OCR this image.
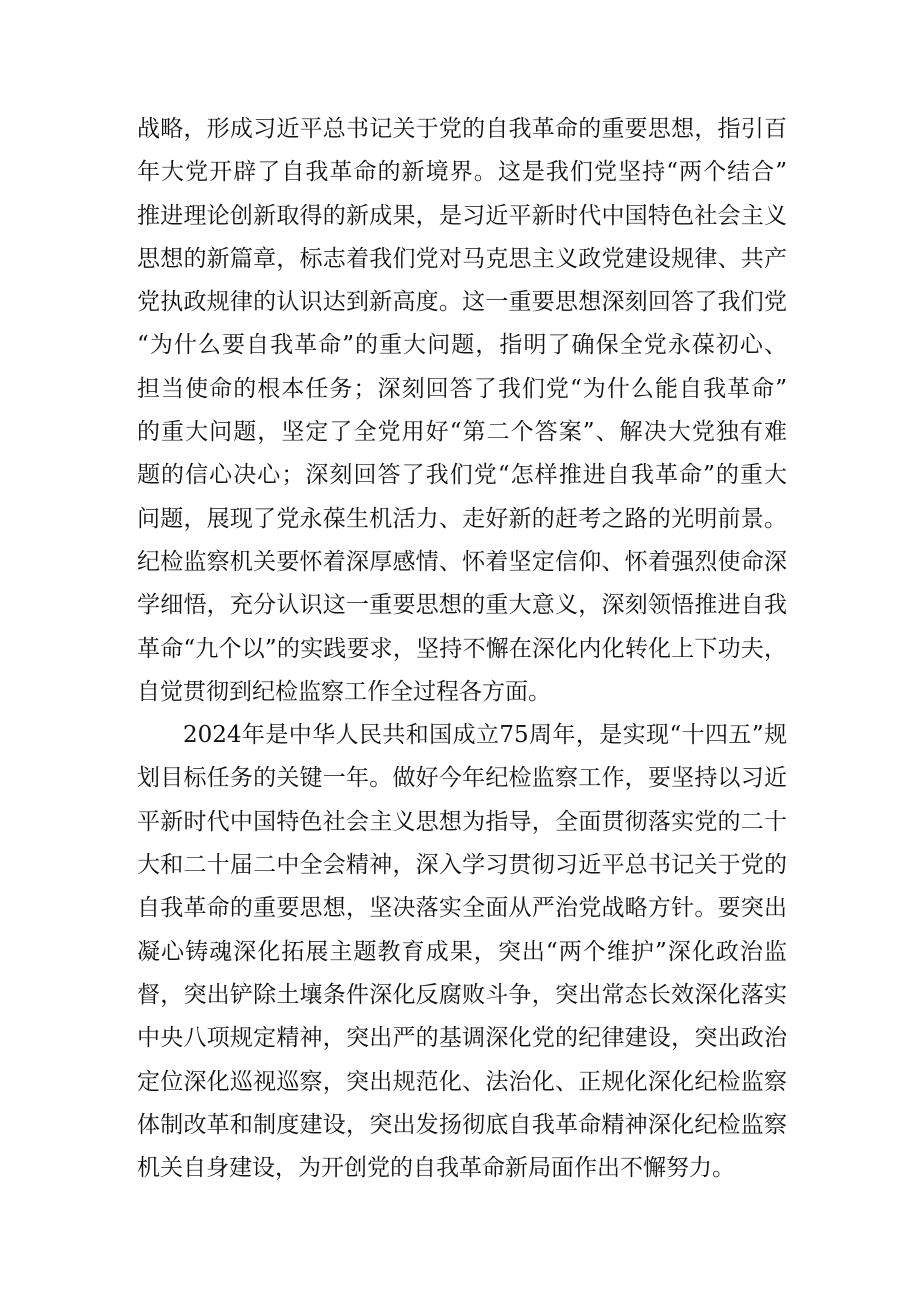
战略，形成习近平总书记关于党的自我革命的重要思想，指引百
年大党开辟了自我革命的新境界。这是我们党坚持“两个结合”
推进理论创新取得的新成果，是习近平新时代中国特色社会主义
思想的新篇章，标志着我们党对马克思主义政党建设规律、共产
党执政规律的认识达到新高度。这一重要思想深刻回答了我们党
“为什么要自我革命”的重大问题，指明了确保全党永葆初心、
担当使命的根本任务；深刻回答了我们党“为什么能自我革命”
的重大问题，坚定了全党用好“第二个答案”、解决大党独有难
题的信心决心；深刻回答了我们党“怎样推进自我革命”的重大
问题，展现了党永葆生机活力、走好新的赶考之路的光明前景。
纪检监察机关要怀着深厚感情、怀着坚定信仰、怀着强烈使命深
学细悟，充分认识这一重要思想的重大意义，深刻领悟推进自我
革命“九个以”的实践要求，坚持不懈在深化内化转化上下功夫，
自觉贯彻到纪检监察工作全过程各方面。
2024年是中华人民共和国成立75周年，是实现“十四五”规
划目标任务的关键一年。做好今年纪检监察工作，要坚持以习近
平新时代中国特色社会主义思想为指导，全面贯彻落实党的二十
大和二十届二中全会精神，深入学习贯彻习近平总书记关于党的
自我革命的重要思想，坚决落实全面从严治党战略方针。要突出
凝心铸魂深化拓展主题教育成果，突出“两个维护”深化政治监
督，突出铲除土壤条件深化反腐败斗争，突出常态长效深化落实
中央八项规定精神，突出严的基调深化党的纪律建设，突出政治
定位深化巡视巡察，突出规范化、法治化、正规化深化纪检监察
体制改革和制度建设，突出发扬彻底自我革命精神深化纪检监察
机关自身建设，为开创党的自我革命新局面作出不懈努力。
